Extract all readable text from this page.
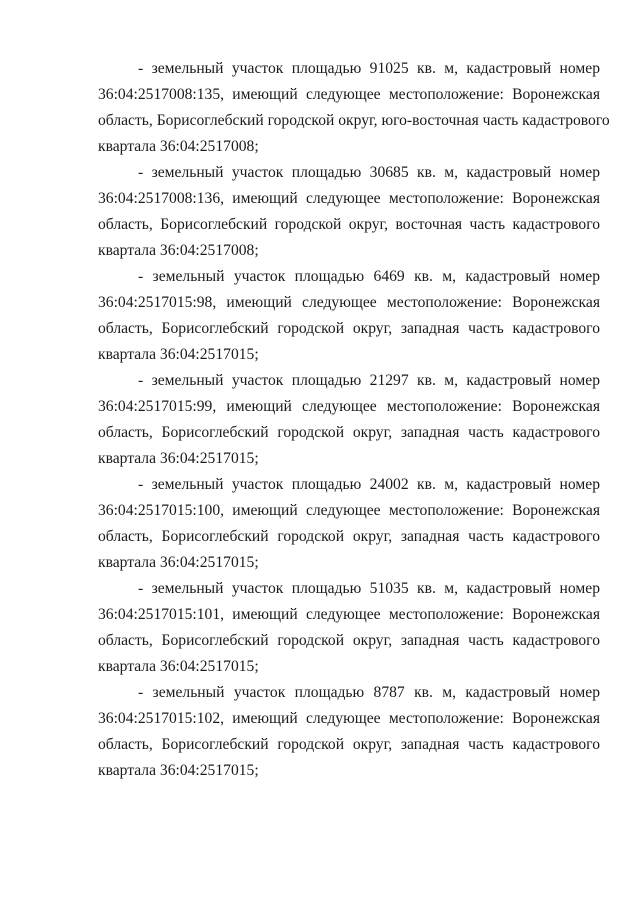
- земельный участок площадью 91025 кв. м, кадастровый номер
36:04:2517008:135, имеющий следующее местоположение: Воронежская
область, Борисоглебский городской округ, юго-восточная часть кадастрового
квартала 36:04:2517008;
- земельный участок площадью 30685 кв. м, кадастровый номер
36:04:2517008:136, имеющий следующее местоположение: Воронежская
область, Борисоглебский городской округ, восточная часть кадастрового
квартала 36:04:2517008;
- земельный участок площадью 6469 кв. м, кадастровый номер
36:04:2517015:98, имеющий следующее местоположение: Воронежская
область, Борисоглебский городской округ, западная часть кадастрового
квартала 36:04:2517015;
- земельный участок площадью 21297 кв. м, кадастровый номер
36:04:2517015:99, имеющий следующее местоположение: Воронежская
область, Борисоглебский городской округ, западная часть кадастрового
квартала 36:04:2517015;
- земельный участок площадью 24002 кв. м, кадастровый номер
36:04:2517015:100, имеющий следующее местоположение: Воронежская
область, Борисоглебский городской округ, западная часть кадастрового
квартала 36:04:2517015;
- земельный участок площадью 51035 кв. м, кадастровый номер
36:04:2517015:101, имеющий следующее местоположение: Воронежская
область, Борисоглебский городской округ, западная часть кадастрового
квартала 36:04:2517015;
- земельный участок площадью 8787 кв. м, кадастровый номер
36:04:2517015:102, имеющий следующее местоположение: Воронежская
область, Борисоглебский городской округ, западная часть кадастрового
квартала 36:04:2517015;
